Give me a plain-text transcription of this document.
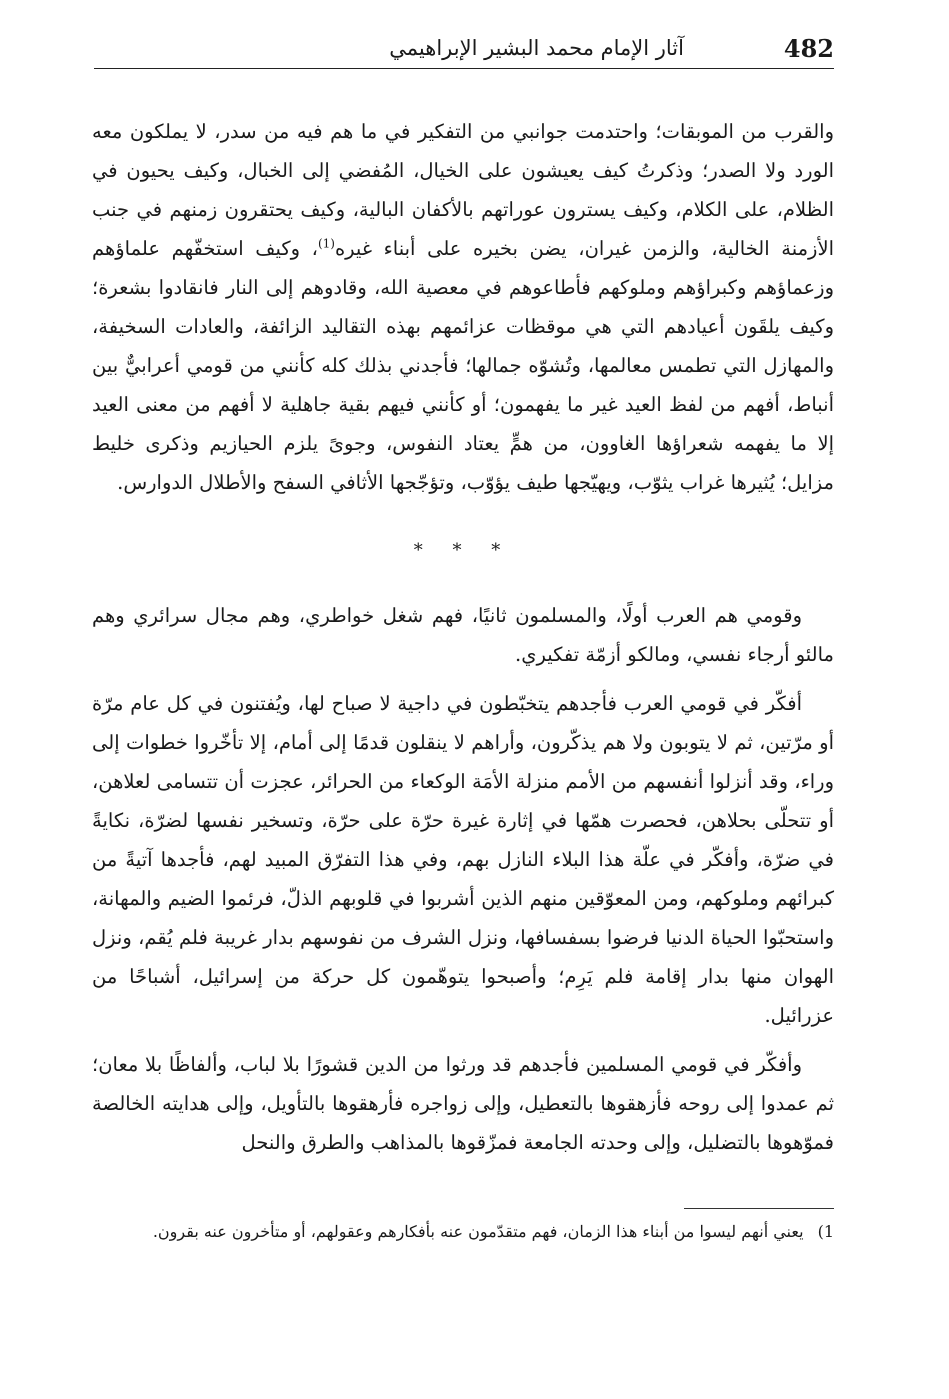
482
آثار الإمام محمد البشير الإبراهيمي

والقرب من الموبقات؛ واحتدمت جوانبي من التفكير في ما هم فيه من سدر، لا يملكون معه الورد ولا الصدر؛ وذكرتُ كيف يعيشون على الخيال، المُفضي إلى الخبال، وكيف يحيون في الظلام، على الكلام، وكيف يسترون عوراتهم بالأكفان البالية، وكيف يحتقرون زمنهم في جنب الأزمنة الخالية، والزمن غيران، يضن بخيره على أبناء غيره$^{(1)}$، وكيف استخفّهم علماؤهم وزعماؤهم وكبراؤهم وملوكهم فأطاعوهم في معصية الله، وقادوهم إلى النار فانقادوا بشعرة؛ وكيف يلقَون أعيادهم التي هي موقظات عزائمهم بهذه التقاليد الزائفة، والعادات السخيفة، والمهازل التي تطمس معالمها، وتُشوّه جمالها؛ فأجدني بذلك كله كأنني من قومي أعرابيٌّ بين أنباط، أفهم من لفظ العيد غير ما يفهمون؛ أو كأنني فيهم بقية جاهلية لا أفهم من معنى العيد إلا ما يفهمه شعراؤها الغاوون، من همٍّ يعتاد النفوس، وجوىً يلزم الحيازيم وذكرى خليط مزايل؛ يُثيرها غراب يثوّب، ويهيّجها طيف يؤوّب، وتؤجّجها الأثافي السفح والأطلال الدوارس.

* * *

وقومي هم العرب أولًا، والمسلمون ثانيًا، فهم شغل خواطري، وهم مجال سرائري وهم مالئو أرجاء نفسي، ومالكو أزمّة تفكيري.

أفكّر في قومي العرب فأجدهم يتخبّطون في داجية لا صباح لها، ويُفتنون في كل عام مرّة أو مرّتين، ثم لا يتوبون ولا هم يذكّرون، وأراهم لا ينقلون قدمًا إلى أمام، إلا تأخّروا خطوات إلى وراء، وقد أنزلوا أنفسهم من الأمم منزلة الأمَة الوكعاء من الحرائر، عجزت أن تتسامى لعلاهن، أو تتحلّى بحلاهن، فحصرت همّها في إثارة غيرة حرّة على حرّة، وتسخير نفسها لضرّة، نكايةً في ضرّة، وأفكّر في علّة هذا البلاء النازل بهم، وفي هذا التفرّق المبيد لهم، فأجدها آتيةً من كبرائهم وملوكهم، ومن المعوّقين منهم الذين أشربوا في قلوبهم الذلّ، فرئموا الضيم والمهانة، واستحبّوا الحياة الدنيا فرضوا بسفسافها، ونزل الشرف من نفوسهم بدار غريبة فلم يُقم، ونزل الهوان منها بدار إقامة فلم يَرِم؛ وأصبحوا يتوهّمون كل حركة من إسرائيل، أشباحًا من عزرائيل.

وأفكّر في قومي المسلمين فأجدهم قد ورثوا من الدين قشورًا بلا لباب، وألفاظًا بلا معان؛ ثم عمدوا إلى روحه فأزهقوها بالتعطيل، وإلى زواجره فأرهقوها بالتأويل، وإلى هدايته الخالصة فموّهوها بالتضليل، وإلى وحدته الجامعة فمزّقوها بالمذاهب والطرق والنحل

1)يعني أنهم ليسوا من أبناء هذا الزمان، فهم متقدّمون عنه بأفكارهم وعقولهم، أو متأخرون عنه بقرون.
